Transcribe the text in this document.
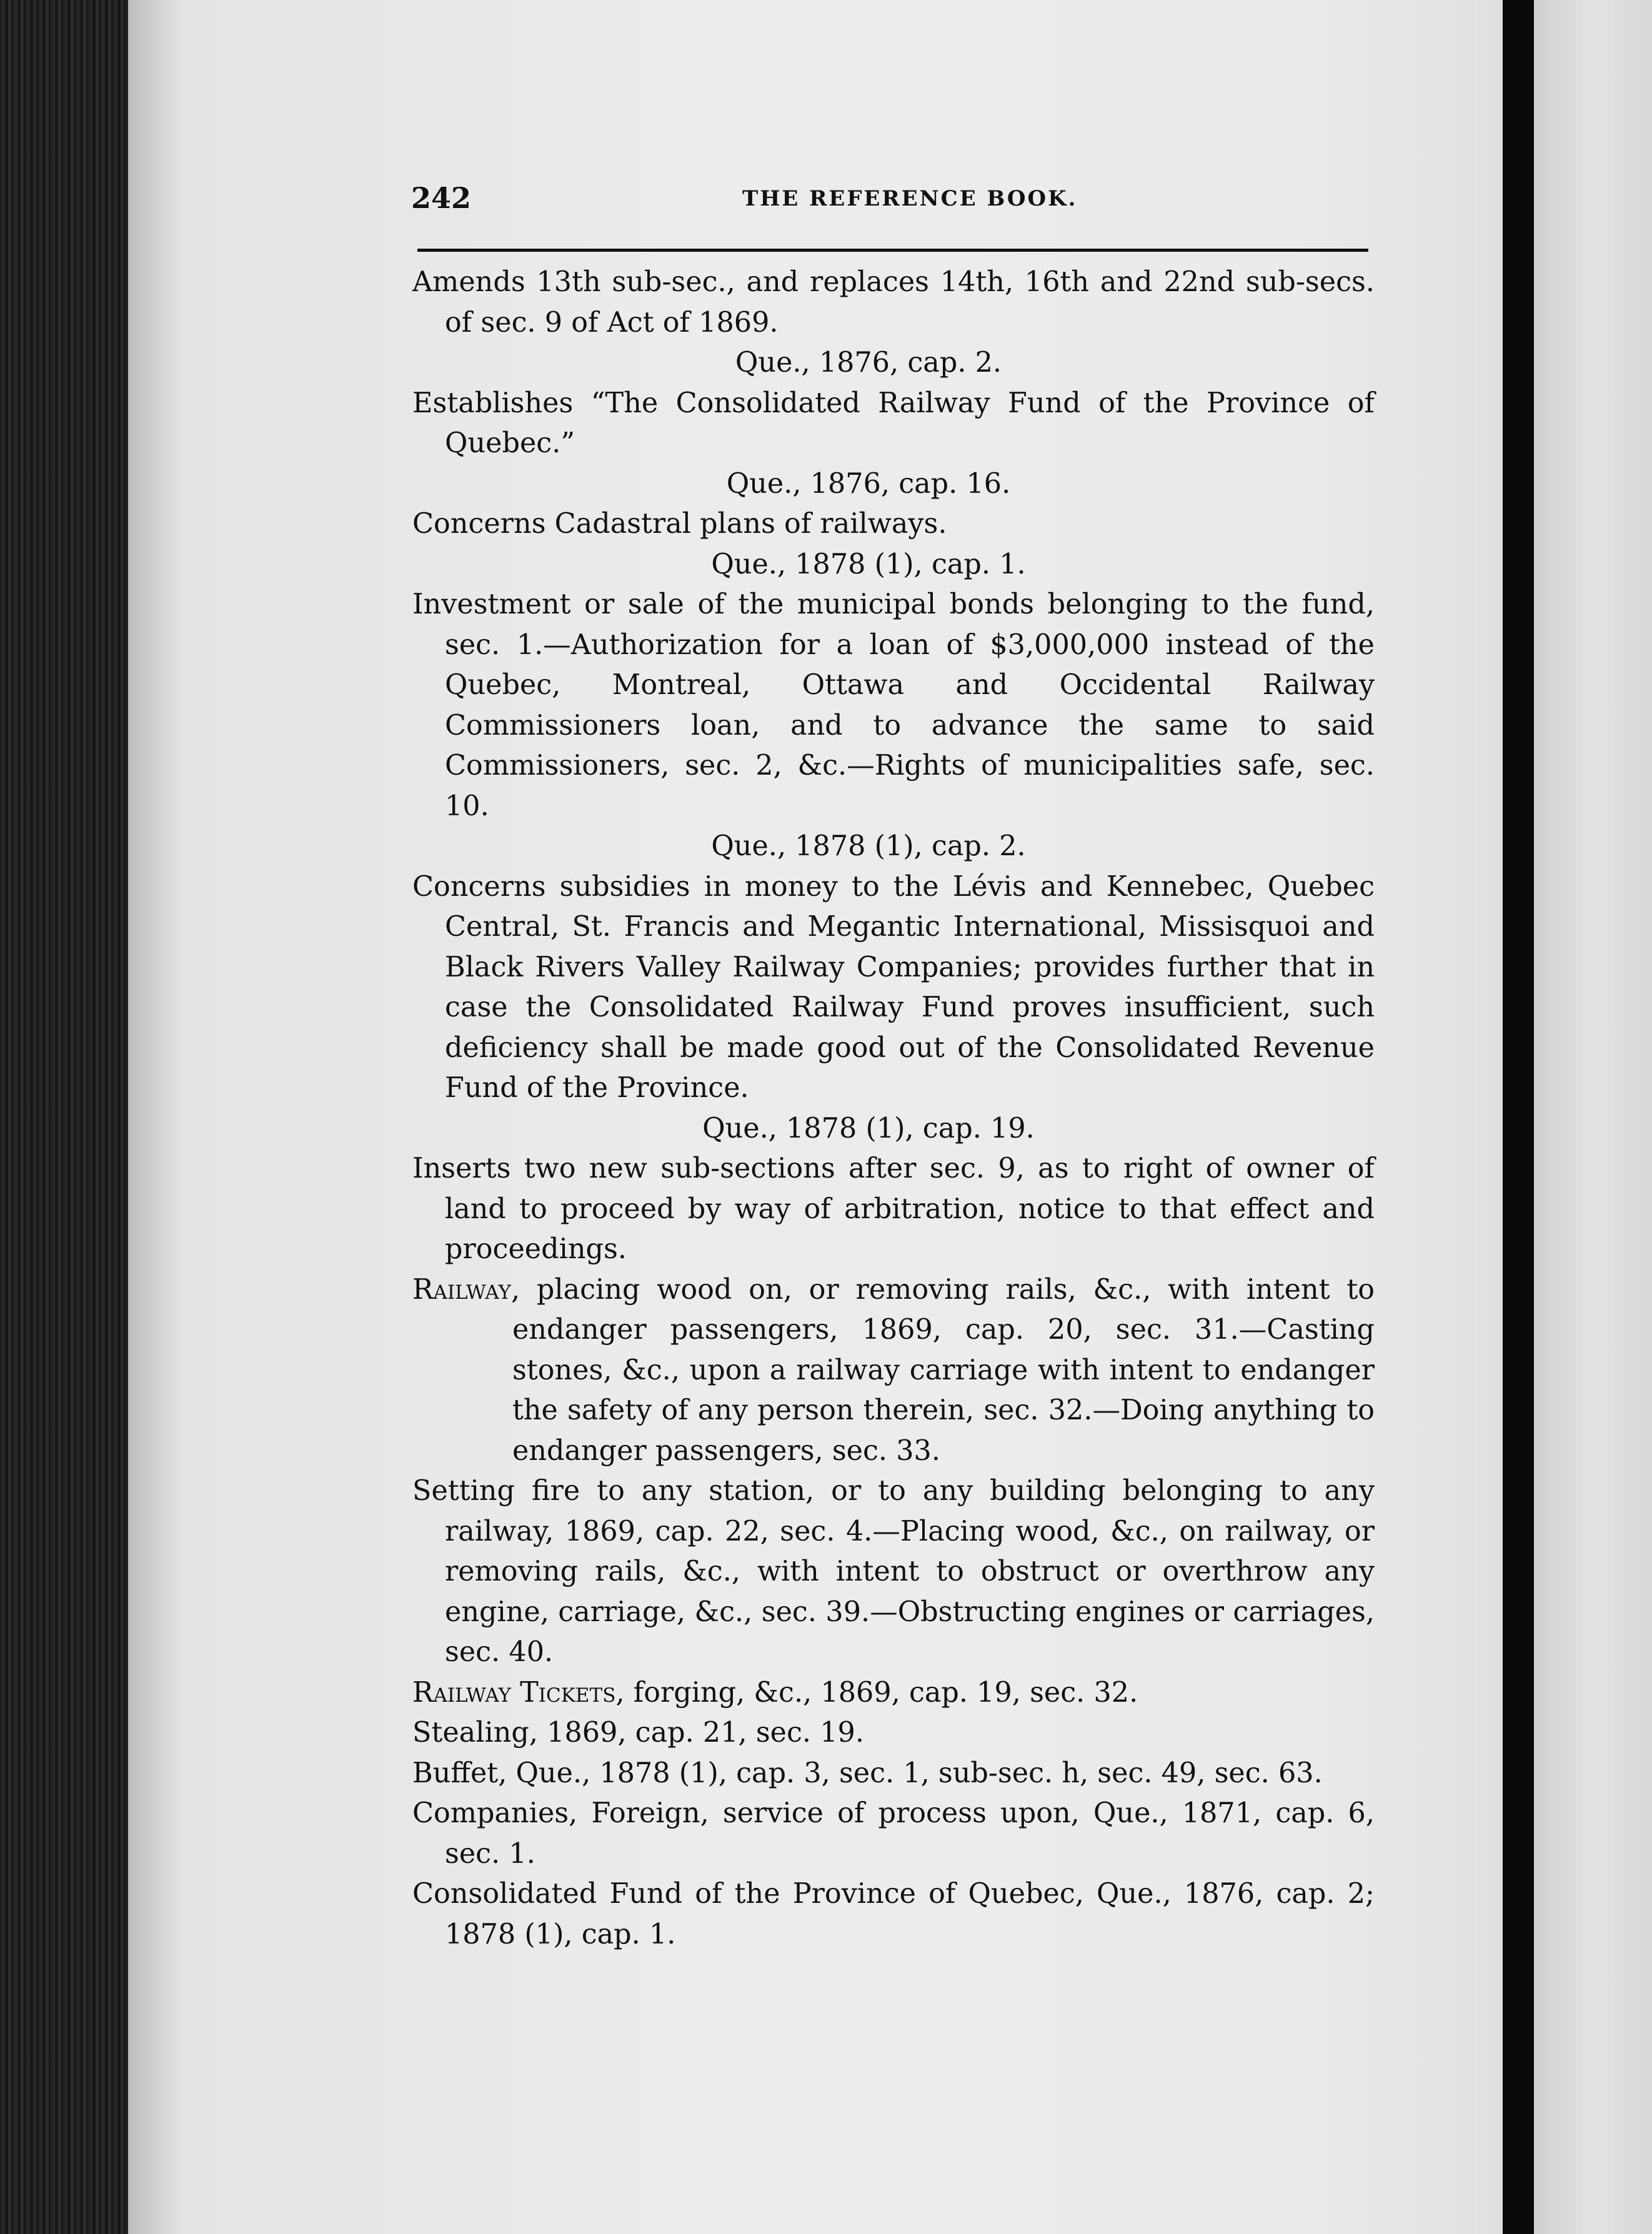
242	THE REFERENCE BOOK.

Amends 13th sub-sec., and replaces 14th, 16th and 22nd sub-secs. of sec. 9 of Act of 1869.

Que., 1876, cap. 2.

Establishes “The Consolidated Railway Fund of the Province of Quebec.”

Que., 1876, cap. 16.

Concerns Cadastral plans of railways.

Que., 1878 (1), cap. 1.

Investment or sale of the municipal bonds belonging to the fund, sec. 1.—Authorization for a loan of $3,000,000 instead of the Quebec, Montreal, Ottawa and Occidental Railway Commissioners loan, and to advance the same to said Commissioners, sec. 2, &c.—Rights of municipalities safe, sec. 10.

Que., 1878 (1), cap. 2.

Concerns subsidies in money to the Lévis and Kennebec, Quebec Central, St. Francis and Megantic International, Missisquoi and Black Rivers Valley Railway Companies; provides further that in case the Consolidated Railway Fund proves insufficient, such deficiency shall be made good out of the Consolidated Revenue Fund of the Province.

Que., 1878 (1), cap. 19.

Inserts two new sub-sections after sec. 9, as to right of owner of land to proceed by way of arbitration, notice to that effect and proceedings.

Railway, placing wood on, or removing rails, &c., with intent to endanger passengers, 1869, cap. 20, sec. 31.—Casting stones, &c., upon a railway carriage with intent to endanger the safety of any person therein, sec. 32.—Doing anything to endanger passengers, sec. 33.

Setting fire to any station, or to any building belonging to any railway, 1869, cap. 22, sec. 4.—Placing wood, &c., on railway, or removing rails, &c., with intent to obstruct or overthrow any engine, carriage, &c., sec. 39.—Obstructing engines or carriages, sec. 40.

Railway Tickets, forging, &c., 1869, cap. 19, sec. 32.

Stealing, 1869, cap. 21, sec. 19.

Buffet, Que., 1878 (1), cap. 3, sec. 1, sub-sec. h, sec. 49, sec. 63.

Companies, Foreign, service of process upon, Que., 1871, cap. 6, sec. 1.

Consolidated Fund of the Province of Quebec, Que., 1876, cap. 2; 1878 (1), cap. 1.
